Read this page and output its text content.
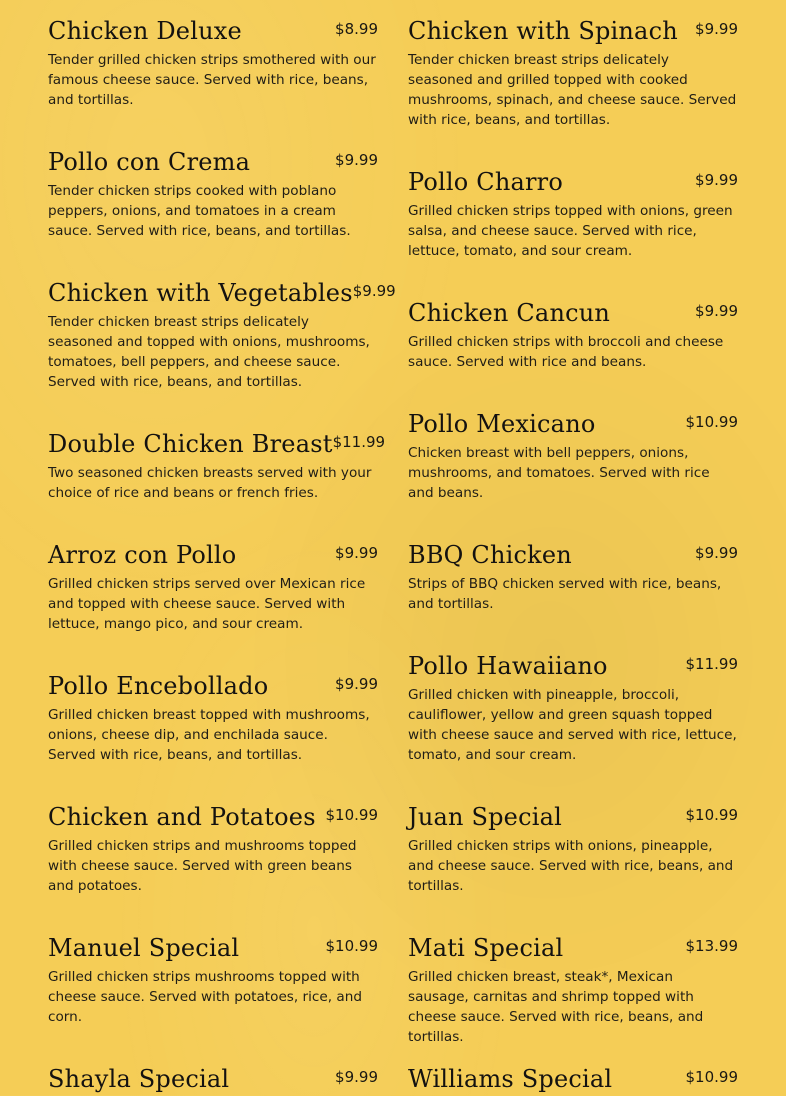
Chicken Deluxe	$8.99
Tender grilled chicken strips smothered with our famous cheese sauce. Served with rice, beans, and tortillas.
Pollo con Crema	$9.99
Tender chicken strips cooked with poblano peppers, onions, and tomatoes in a cream sauce. Served with rice, beans, and tortillas.
Chicken with Vegetables $9.99
Tender chicken breast strips delicately seasoned and topped with onions, mushrooms, tomatoes, bell peppers, and cheese sauce. Served with rice, beans, and tortillas.
Double Chicken Breast $11.99
Two seasoned chicken breasts served with your choice of rice and beans or french fries.
Arroz con Pollo	$9.99
Grilled chicken strips served over Mexican rice and topped with cheese sauce. Served with lettuce, mango pico, and sour cream.
Pollo Encebollado	$9.99
Grilled chicken breast topped with mushrooms, onions, cheese dip, and enchilada sauce. Served with rice, beans, and tortillas.
Chicken and Potatoes $10.99
Grilled chicken strips and mushrooms topped with cheese sauce. Served with green beans and potatoes.
Manuel Special	$10.99
Grilled chicken strips mushrooms topped with cheese sauce. Served with potatoes, rice, and corn.
Shayla Special	$9.99
Chicken with Spinach $9.99
Tender chicken breast strips delicately seasoned and grilled topped with cooked mushrooms, spinach, and cheese sauce. Served with rice, beans, and tortillas.
Pollo Charro	$9.99
Grilled chicken strips topped with onions, green salsa, and cheese sauce. Served with rice, lettuce, tomato, and sour cream.
Chicken Cancun	$9.99
Grilled chicken strips with broccoli and cheese sauce. Served with rice and beans.
Pollo Mexicano	$10.99
Chicken breast with bell peppers, onions, mushrooms, and tomatoes. Served with rice and beans.
BBQ Chicken	$9.99
Strips of BBQ chicken served with rice, beans, and tortillas.
Pollo Hawaiiano	$11.99
Grilled chicken with pineapple, broccoli, cauliflower, yellow and green squash topped with cheese sauce and served with rice, lettuce, tomato, and sour cream.
Juan Special	$10.99
Grilled chicken strips with onions, pineapple, and cheese sauce. Served with rice, beans, and tortillas.
Mati Special	$13.99
Grilled chicken breast, steak*, Mexican sausage, carnitas and shrimp topped with cheese sauce. Served with rice, beans, and tortillas.
Williams Special	$10.99
